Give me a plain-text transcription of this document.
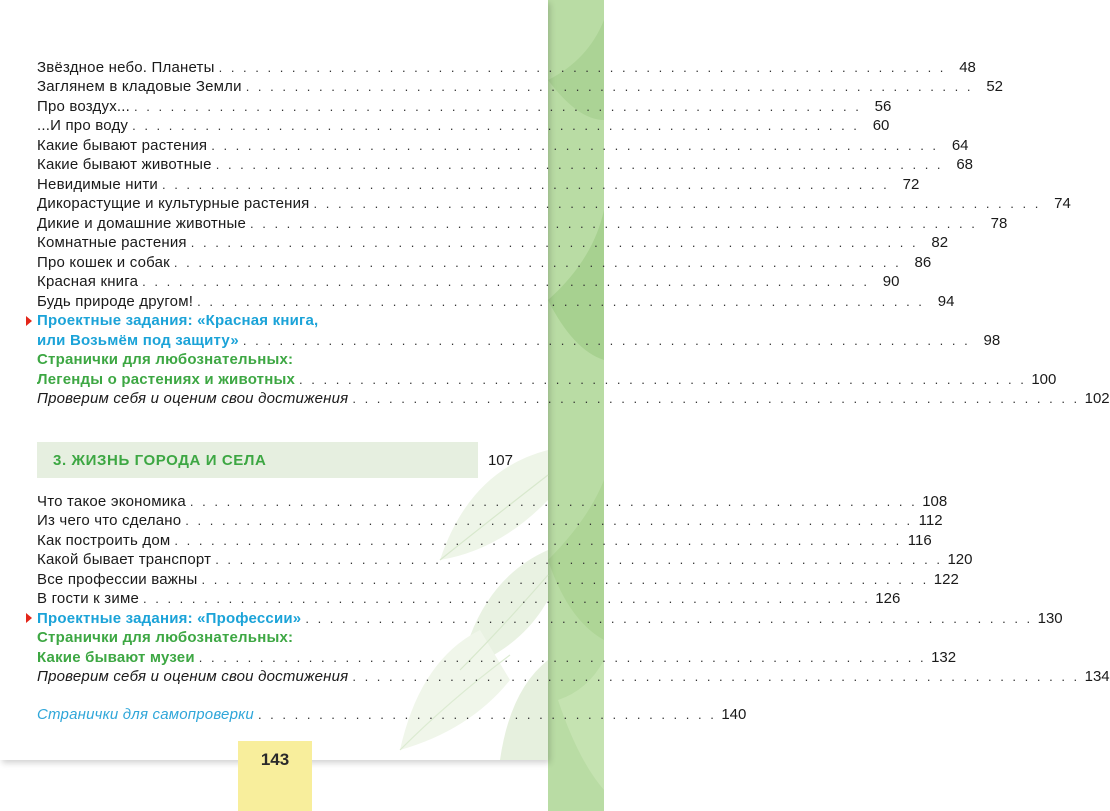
Звёздное небо. Планеты . . . . . . . . . . . . . . . . . . . . . . . . . . . . . . . . . . . . . . . . . . . . . . . . . . . . . . . . . . . . 48
Заглянем в кладовые Земли . . . . . . . . . . . . . . . . . . . . . . . . . . . . . . . . . . . . . . . . . . . . . . . . . . . . . . . . . . . . 52
Про воздух... . . . . . . . . . . . . . . . . . . . . . . . . . . . . . . . . . . . . . . . . . . . . . . . . . . . . . . . . . . . . 56
...И про воду . . . . . . . . . . . . . . . . . . . . . . . . . . . . . . . . . . . . . . . . . . . . . . . . . . . . . . . . . . . . 60
Какие бывают растения . . . . . . . . . . . . . . . . . . . . . . . . . . . . . . . . . . . . . . . . . . . . . . . . . . . . . . . . . . . . 64
Какие бывают животные . . . . . . . . . . . . . . . . . . . . . . . . . . . . . . . . . . . . . . . . . . . . . . . . . . . . . . . . . . . . 68
Невидимые нити . . . . . . . . . . . . . . . . . . . . . . . . . . . . . . . . . . . . . . . . . . . . . . . . . . . . . . . . . . . . 72
Дикорастущие и культурные растения . . . . . . . . . . . . . . . . . . . . . . . . . . . . . . . . . . . . . . . . . . . . . . . . . . . . . . . . . . . . 74
Дикие и домашние животные . . . . . . . . . . . . . . . . . . . . . . . . . . . . . . . . . . . . . . . . . . . . . . . . . . . . . . . . . . . . 78
Комнатные растения . . . . . . . . . . . . . . . . . . . . . . . . . . . . . . . . . . . . . . . . . . . . . . . . . . . . . . . . . . . . 82
Про кошек и собак . . . . . . . . . . . . . . . . . . . . . . . . . . . . . . . . . . . . . . . . . . . . . . . . . . . . . . . . . . . . 86
Красная книга . . . . . . . . . . . . . . . . . . . . . . . . . . . . . . . . . . . . . . . . . . . . . . . . . . . . . . . . . . . . 90
Будь природе другом! . . . . . . . . . . . . . . . . . . . . . . . . . . . . . . . . . . . . . . . . . . . . . . . . . . . . . . . . . . . . 94
Проектные задания: «Красная книга,
или Возьмём под защиту» . . . . . . . . . . . . . . . . . . . . . . . . . . . . . . . . . . . . . . . . . . . . . . . . . . . . . . . . . . . . 98
Странички для любознательных:
Легенды о растениях и животных . . . . . . . . . . . . . . . . . . . . . . . . . . . . . . . . . . . . . . . . . . . . . . . . . . . . . . . . . . . . 100
Проверим себя и оценим свои достижения . . . . . . . . . . . . . . . . . . . . . . . . . . . . . . . . . . . . . . . . . . . . . . . . . . . . . . . . . . . . 102
3. ЖИЗНЬ ГОРОДА И СЕЛА	107
Что такое экономика . . . . . . . . . . . . . . . . . . . . . . . . . . . . . . . . . . . . . . . . . . . . . . . . . . . . . . . . . . . . 108
Из чего что сделано . . . . . . . . . . . . . . . . . . . . . . . . . . . . . . . . . . . . . . . . . . . . . . . . . . . . . . . . . . . . 112
Как построить дом . . . . . . . . . . . . . . . . . . . . . . . . . . . . . . . . . . . . . . . . . . . . . . . . . . . . . . . . . . . . 116
Какой бывает транспорт . . . . . . . . . . . . . . . . . . . . . . . . . . . . . . . . . . . . . . . . . . . . . . . . . . . . . . . . . . . . 120
Все профессии важны . . . . . . . . . . . . . . . . . . . . . . . . . . . . . . . . . . . . . . . . . . . . . . . . . . . . . . . . . . . . 122
В гости к зиме . . . . . . . . . . . . . . . . . . . . . . . . . . . . . . . . . . . . . . . . . . . . . . . . . . . . . . . . . . . . 126
Проектные задания: «Профессии» . . . . . . . . . . . . . . . . . . . . . . . . . . . . . . . . . . . . . . . . . . . . . . . . . . . . . . . . . . . . 130
Странички для любознательных:
Какие бывают музеи . . . . . . . . . . . . . . . . . . . . . . . . . . . . . . . . . . . . . . . . . . . . . . . . . . . . . . . . . . . . 132
Проверим себя и оценим свои достижения . . . . . . . . . . . . . . . . . . . . . . . . . . . . . . . . . . . . . . . . . . . . . . . . . . . . . . . . . . . . 134
Странички для самопроверки . . . . . . . . . . . . . . . . . . . . . . . . . . . . . . . . . . . . . . 140
143
